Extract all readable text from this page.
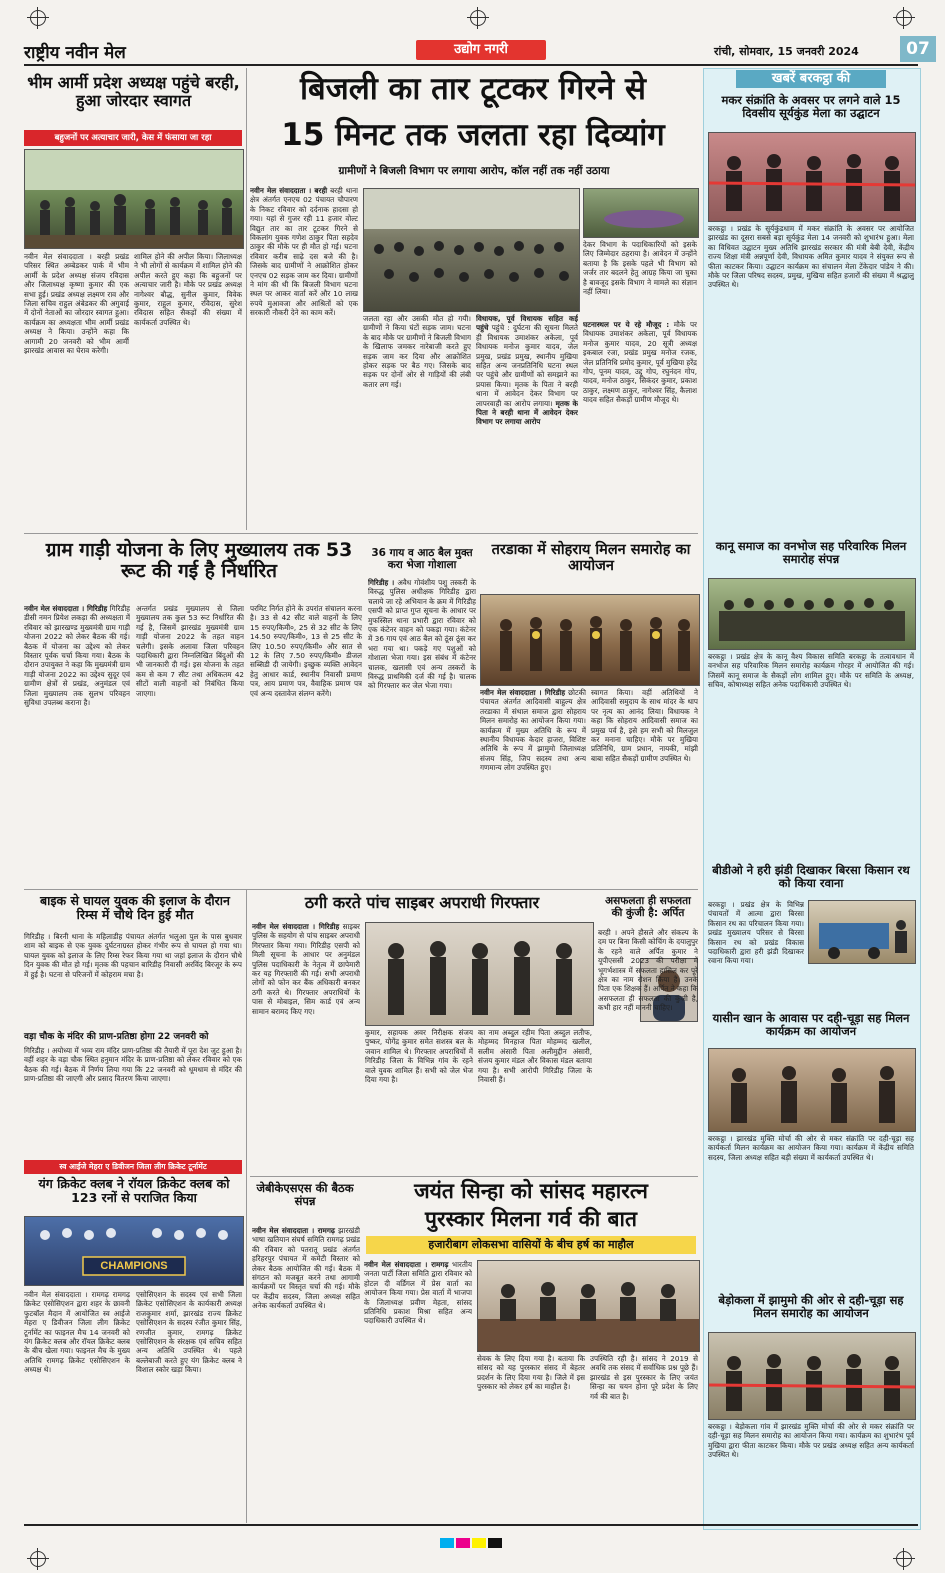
राष्ट्रीय नवीन मेल	उद्योग नगरी	रांची, सोमवार, 15 जनवरी 2024	07
भीम आर्मी प्रदेश अध्यक्ष पहुंचे बरही, हुआ जोरदार स्वागत
बहुजनों पर अत्याचार जारी, केस में फंसाया जा रहा
नवीन मेल संवाददाता । बरही प्रखंड परिसर स्थित अम्बेडकर पार्क में भीम आर्मी के प्रदेश अध्यक्ष संजय रविदास और जिलाध्यक्ष कृष्णा कुमार की एक सभा हुई। प्रखंड अध्यक्ष लक्ष्मण राव और जिला सचिव राहुल अंबेडकर की अगुवाई में दोनों नेताओं का जोरदार स्वागत हुआ। कार्यक्रम का अध्यक्षता भीम आर्मी प्रखंड अध्यक्ष ने किया। उन्होंने कहा कि आगामी 20 जनवरी को भीम आर्मी झारखंड आवास का घेराव करेगी।
शामिल होने की अपील किया। जिलाध्यक्ष ने भी लोगों से कार्यक्रम में शामिल होने की अपील करते हुए कहा कि बहुजनों पर अत्याचार जारी है। मौके पर प्रखंड अध्यक्ष नागेश्वर बौद्ध, सुनील कुमार, विवेक कुमार, राहुल कुमार, रविदास, सुरेश रविदास सहित सैकड़ों की संख्या में कार्यकर्ता उपस्थित थे।
ग्राम गाड़ी योजना के लिए मुख्यालय तक 53 रूट की गई है निर्धारित
नवीन मेल संवाददाता । गिरिडीह गिरिडीह डीसी नमन प्रियेश लकड़ा की अध्यक्षता में रविवार को झारखण्ड मुख्यमंत्री ग्राम गाड़ी योजना 2022 को लेकर बैठक की गई। बैठक में योजना का उद्देश्य को लेकर विस्तार पूर्वक चर्चा किया गया। बैठक के दौरान उपायुक्त ने कहा कि मुख्यमंत्री ग्राम गाड़ी योजना 2022 का उद्देश्य सुदूर एवं ग्रामीण क्षेत्रों से प्रखंड, अनुमंडल एवं जिला मुख्यालय तक सुलभ परिवहन सुविधा उपलब्ध कराना है।
अन्तर्गत प्रखंड मुख्यालय से जिला मुख्यालय तक कुल 53 रूट निर्धारित की गई है, जिसमें झारखंड मुख्यमंत्री ग्राम गाड़ी योजना 2022 के तहत वाहन चलेगी। इसके अलावा जिला परिवहन पदाधिकारी द्वारा निम्नलिखित बिंदुओं की भी जानकारी दी गई। इस योजना के तहत कम से कम 7 सीट तथा अधिकतम 42 सीटों वाली वाहनों को निबंधित किया जाएगा।
परमिट निर्गत होने के उपरांत संचालन करना है। 33 से 42 सीट वाले वाहनों के लिए 15 रुपए/किमी०, 25 से 32 सीट के लिए 14.50 रुपए/किमी०, 13 से 25 सीट के लिए 10.50 रुपए/किमी० और सात से 12 के लिए 7.50 रुपए/किमी० डीजल सब्सिडी दी जायेगी। इच्छुक व्यक्ति आवेदन हेतु आधार कार्ड, स्थानीय निवासी प्रमाण पत्र, आय प्रमाण पत्र, वैवाहिक प्रमाण पत्र एवं अन्य दस्तावेज संलग्न करेंगे।
36 गाय व आठ बैल मुक्त करा भेजा गोशाला
गिरिडीह । अवैध गोवंशीय पशु तस्करी के विरुद्ध पुलिस अधीक्षक गिरिडीह द्वारा चलाये जा रहे अभियान के क्रम में गिरिडीह एसपी को प्राप्त गुप्त सूचना के आधार पर मुफस्सिल थाना प्रभारी द्वारा रविवार को एक कंटेनर वाहन को पकड़ा गया। कंटेनर में 36 गाय एवं आठ बैल को ठूंस ठूंस कर भरा गया था। पकड़े गए पशुओं को गोशाला भेजा गया। इस संबंध में कंटेनर चालक, खलासी एवं अन्य तस्करों के विरुद्ध प्राथमिकी दर्ज की गई है। चालक को गिरफ्तार कर जेल भेजा गया।
तरडाका में सोहराय मिलन समारोह का आयोजन
नवीन मेल संवाददाता । गिरिडीह छोटकी पंचायत अंतर्गत आदिवासी बाहुल्य क्षेत्र तरडाका में संथाल समाज द्वारा सोहराय मिलन समारोह का आयोजन किया गया। कार्यक्रम में मुख्य अतिथि के रूप में स्थानीय विधायक केदार हाजरा, विशिष्ट अतिथि के रूप में झामुमो जिलाध्यक्ष संजय सिंह, जिप सदस्य तथा अन्य गणमान्य लोग उपस्थित हुए।
स्वागत किया। वहीं अतिथियों ने आदिवासी समुदाय के साथ मांदर के थाप पर नृत्य का आनंद लिया। विधायक ने कहा कि सोहराय आदिवासी समाज का प्रमुख पर्व है, इसे हम सभी को मिलजुल कर मनाना चाहिए। मौके पर मुखिया प्रतिनिधि, ग्राम प्रधान, नायकी, मांझी बाबा सहित सैकड़ों ग्रामीण उपस्थित थे।
बाइक से घायल युवक की इलाज के दौरान रिम्स में चौथे दिन हुई मौत
गिरिडीह । बिरनी थाना के महिलाडीह पंचायत अंतर्गत भलुआ पुल के पास बुधवार शाम को बाइक से एक युवक दुर्घटनाग्रस्त होकर गंभीर रूप से घायल हो गया था। घायल युवक को इलाज के लिए रिम्स रेफर किया गया था जहां इलाज के दौरान चौथे दिन युवक की मौत हो गई। मृतक की पहचान बारिडीह निवासी अरविंद बिरजूर के रूप में हुई है। घटना से परिजनों में कोहराम मचा है।
वड़ा चौक के मंदिर की प्राण-प्रतिष्ठा होगा 22 जनवरी को
गिरिडीह । अयोध्या में भव्य राम मंदिर प्राण-प्रतिष्ठा की तैयारी में पूरा देश जुट हुआ है। वहीं शहर के वड़ा चौक स्थित हनुमान मंदिर के प्राण-प्रतिष्ठा को लेकर रविवार को एक बैठक की गई। बैठक में निर्णय लिया गया कि 22 जनवरी को धूमधाम से मंदिर की प्राण-प्रतिष्ठा की जाएगी और प्रसाद वितरण किया जाएगा।
स्व आईजे मेहरा ए डिवीजन जिला लीग क्रिकेट टूर्नामेंट
यंग क्रिकेट क्लब ने रॉयल क्रिकेट क्लब को 123 रनों से पराजित किया
CHAMPIONS
नवीन मेल संवाददाता । रामगढ़ रामगढ़ क्रिकेट एसोसिएशन द्वारा शहर के छावनी फुटबॉल मैदान में आयोजित स्व आईजे मेहरा ए डिवीजन जिला लीग क्रिकेट टूर्नामेंट का फाइनल मैच 14 जनवरी को यंग क्रिकेट क्लब और रॉयल क्रिकेट क्लब के बीच खेला गया। फाइनल मैच के मुख्य अतिथि रामगढ़ क्रिकेट एसोसिएशन के अध्यक्ष थे।
एसोसिएशन के सदस्य एवं सभी जिला क्रिकेट एसोसिएशन के कार्यकारी अध्यक्ष राजकुमार शर्मा, झारखंड राज्य क्रिकेट एसोसिएशन के सदस्य रंजीत कुमार सिंह, रणजीत कुमार, रामगढ़ क्रिकेट एसोसिएशन के संरक्षक एवं सचिव सहित अन्य अतिथि उपस्थित थे। पहले बल्लेबाजी करते हुए यंग क्रिकेट क्लब ने विशाल स्कोर खड़ा किया।
ठगी करते पांच साइबर अपराधी गिरफ्तार
नवीन मेल संवाददाता । गिरिडीह साइबर पुलिस के सहयोग से पांच साइबर अपराधी गिरफ्तार किया गया। गिरिडीह एसपी को मिली सूचना के आधार पर अनुमंडल पुलिस पदाधिकारी के नेतृत्व में छापेमारी कर यह गिरफ्तारी की गई। सभी अपराधी लोगों को फोन कर बैंक अधिकारी बनकर ठगी करते थे। गिरफ्तार अपराधियों के पास से मोबाइल, सिम कार्ड एवं अन्य सामान बरामद किए गए।
कुमार, सहायक अवर निरीक्षक संजय पुष्कर, योगेंद्र कुमार समेत सशस्त्र बल के जवान शामिल थे। गिरफ्तार अपराधियों में गिरिडीह जिला के विभिन्न गांव के रहने वाले युवक शामिल हैं। सभी को जेल भेज दिया गया है।
का नाम अब्दुल रहीम पिता अब्दुल लतीफ, मोहम्मद मिनहाज पिता मोहम्मद खलील, सलीम अंसारी पिता अलीमुद्दीन अंसारी, संजय कुमार मंडल और विकास मंडल बताया गया है। सभी आरोपी गिरिडीह जिला के निवासी हैं।
असफलता ही सफलता की कुंजी है: अर्पित
बरही । अपने हौसले और संकल्प के दम पर बिना किसी कोचिंग के दयालुपुर के रहने वाले अर्पित कुमार ने यूपीएससी 2023 की परीक्षा में भूगर्भशास्त्र में सफलता हासिल कर पूरे क्षेत्र का नाम रोशन किया है। उनके पिता एक शिक्षक हैं। अर्पित ने कहा कि असफलता ही सफलता की कुंजी है, कभी हार नहीं माननी चाहिए।
जेबीकेएसएस की बैठक संपन्न
नवीन मेल संवाददाता । रामगढ़ झारखंडी भाषा खतियान संघर्ष समिति रामगढ़ प्रखंड की रविवार को पतरातू प्रखंड अंतर्गत हरिहरपुर पंचायत में कमेटी विस्तार को लेकर बैठक आयोजित की गई। बैठक में संगठन को मजबूत करने तथा आगामी कार्यक्रमों पर विस्तृत चर्चा की गई। मौके पर केंद्रीय सदस्य, जिला अध्यक्ष सहित अनेक कार्यकर्ता उपस्थित थे।
जयंत सिन्हा को सांसद महारत्न
पुरस्कार मिलना गर्व की बात
हजारीबाग लोकसभा वासियों के बीच हर्ष का माहौल
नवीन मेल संवाददाता । रामगढ़ भारतीय जनता पार्टी जिला समिति द्वारा रविवार को होटल दी वर्डिगल में प्रेस वार्ता का आयोजन किया गया। प्रेस वार्ता में भाजपा के जिलाध्यक्ष प्रवीण मेहता, सांसद प्रतिनिधि प्रकाश मिश्रा सहित अन्य पदाधिकारी उपस्थित थे।
सेवक के लिए दिया गया है। बताया कि सांसद को यह पुरस्कार संसद में बेहतर प्रदर्शन के लिए दिया गया है। जिले में इस पुरस्कार को लेकर हर्ष का माहौल है।
उपस्थिति रही है। सांसद ने 2019 से अवधि तक संसद में सर्वाधिक प्रश्न पूछे हैं। झारखंड से इस पुरस्कार के लिए जयंत सिन्हा का चयन होना पूरे प्रदेश के लिए गर्व की बात है।
बिजली का तार टूटकर गिरने से
15 मिनट तक जलता रहा दिव्यांग
ग्रामीणों ने बिजली विभाग पर लगाया आरोप, कॉल नहीं तक नहीं उठाया
नवीन मेल संवाददाता । बरही बरही थाना क्षेत्र अंतर्गत एनएच 02 पंचायत चौपारण के निकट रविवार को दर्दनाक हादसा हो गया। यहां से गुजर रही 11 हजार वोल्ट विद्युत तार का तार टूटकर गिरने से विकलांग युवक गणेश ठाकुर पिता सहदेव ठाकुर की मौके पर ही मौत हो गई। घटना रविवार करीब साढ़े दस बजे की है। जिसके बाद ग्रामीणों ने आक्रोशित होकर एनएच 02 सड़क जाम कर दिया। ग्रामीणों ने मांग की थी कि बिजली विभाग घटना स्थल पर आकर वार्ता करें और 10 लाख रुपये मुआवजा और आश्रितों को एक सरकारी नौकरी देने का काम करें।
देकर विभाग के पदाधिकारियों को इसके लिए जिम्मेदार ठहराया है। आवेदन में उन्होंने बताया है कि इसके पहले भी विभाग को जर्जर तार बदलने हेतु आग्रह किया जा चुका है बावजूद इसके विभाग ने मामले का संज्ञान नहीं लिया।
जलता रहा और उसकी मौत हो गयी। ग्रामीणों ने किया घंटों सड़क जाम। घटना के बाद मौके पर ग्रामीणों ने बिजली विभाग के खिलाफ जमकर नारेबाजी करते हुए सड़क जाम कर दिया और आक्रोशित होकर सड़क पर बैठ गए। जिसके बाद सड़क पर दोनों ओर से गाड़ियों की लंबी कतार लग गई।
विधायक, पूर्व विधायक सहित कई पहुंचे पहुंचे : दुर्घटना की सूचना मिलते ही विधायक उमाशंकर अकेला, पूर्व विधायक मनोज कुमार यादव, जेल प्रमुख, प्रखंड प्रमुख, स्थानीय मुखिया सहित अन्य जनप्रतिनिधि घटना स्थल पर पहुंचे और ग्रामीणों को समझाने का प्रयास किया। मृतक के पिता ने बरही थाना में आवेदन देकर विभाग पर लापरवाही का आरोप लगाया। मृतक के पिता ने बरही थाना में आवेदन देकर विभाग पर लगाया आरोप
घटनास्थल पर ये रहे मौजूद : मौके पर विधायक उमाशंकर अकेला, पूर्व विधायक मनोज कुमार यादव, 20 सूत्री अध्यक्ष इकबाल रजा, प्रखंड प्रमुख मनोज रजक, जेल प्रतिनिधि प्रमोद कुमार, पूर्व मुखिया हरेंद्र गोप, पूनम यादव, उद्दू गोप, रघुनंदन गोप, यादव, मनोज ठाकुर, सिकंदर कुमार, प्रकाश ठाकुर, लक्ष्मण ठाकुर, नागेश्वर सिंह, कैलाश यादव सहित सैकड़ों ग्रामीण मौजूद थे।
खबरें बरकट्ठा की
मकर संक्रांति के अवसर पर लगने वाले 15 दिवसीय सूर्यकुंड मेला का उद्घाटन
बरकट्ठा । प्रखंड के सूर्यकुंडधाम में मकर संक्रांति के अवसर पर आयोजित झारखंड का दूसरा सबसे बड़ा सूर्यकुंड मेला 14 जनवरी को शुभारंभ हुआ। मेला का विधिवत उद्घाटन मुख्य अतिथि झारखंड सरकार की मंत्री बेबी देवी, केंद्रीय राज्य शिक्षा मंत्री अन्नपूर्णा देवी, विधायक अमित कुमार यादव ने संयुक्त रूप से फीता काटकर किया। उद्घाटन कार्यक्रम का संचालन मेला टेंकेदार पांडेय ने की। मौके पर जिला परिषद सदस्य, प्रमुख, मुखिया सहित हजारों की संख्या में श्रद्धालु उपस्थित थे।
कानू समाज का वनभोज सह परिवारिक मिलन समारोह संपन्न
बरकट्ठा । प्रखंड क्षेत्र के कानू वैश्य विकास समिति बरकट्ठा के तत्वावधान में वनभोज सह परिवारिक मिलन समारोह कार्यक्रम गोरहर में आयोजित की गई। जिसमें कानू समाज के सैकड़ों लोग शामिल हुए। मौके पर समिति के अध्यक्ष, सचिव, कोषाध्यक्ष सहित अनेक पदाधिकारी उपस्थित थे।
बीडीओ ने हरी झंडी दिखाकर बिरसा किसान रथ को किया रवाना
बरकट्ठा । प्रखंड क्षेत्र के विभिन्न पंचायतों में आत्मा द्वारा बिरसा किसान रथ का परिचालन किया गया। प्रखंड मुख्यालय परिसर से बिरसा किसान रथ को प्रखंड विकास पदाधिकारी द्वारा हरी झंडी दिखाकर रवाना किया गया।
यासीन खान के आवास पर दही-चूड़ा सह मिलन कार्यक्रम का आयोजन
बरकट्ठा । झारखंड मुक्ति मोर्चा की ओर से मकर संक्रांति पर दही-चूड़ा सह कार्यकर्ता मिलन कार्यक्रम का आयोजन किया गया। कार्यक्रम में केंद्रीय समिति सदस्य, जिला अध्यक्ष सहित बड़ी संख्या में कार्यकर्ता उपस्थित थे।
बेड़ोकला में झामुमो की ओर से दही-चूड़ा सह मिलन समारोह का आयोजन
बरकट्ठा । बेड़ोकला गांव में झारखंड मुक्ति मोर्चा की ओर से मकर संक्रांति पर दही-चूड़ा सह मिलन समारोह का आयोजन किया गया। कार्यक्रम का शुभारंभ पूर्व मुखिया द्वारा फीता काटकर किया। मौके पर प्रखंड अध्यक्ष सहित अन्य कार्यकर्ता उपस्थित थे।
